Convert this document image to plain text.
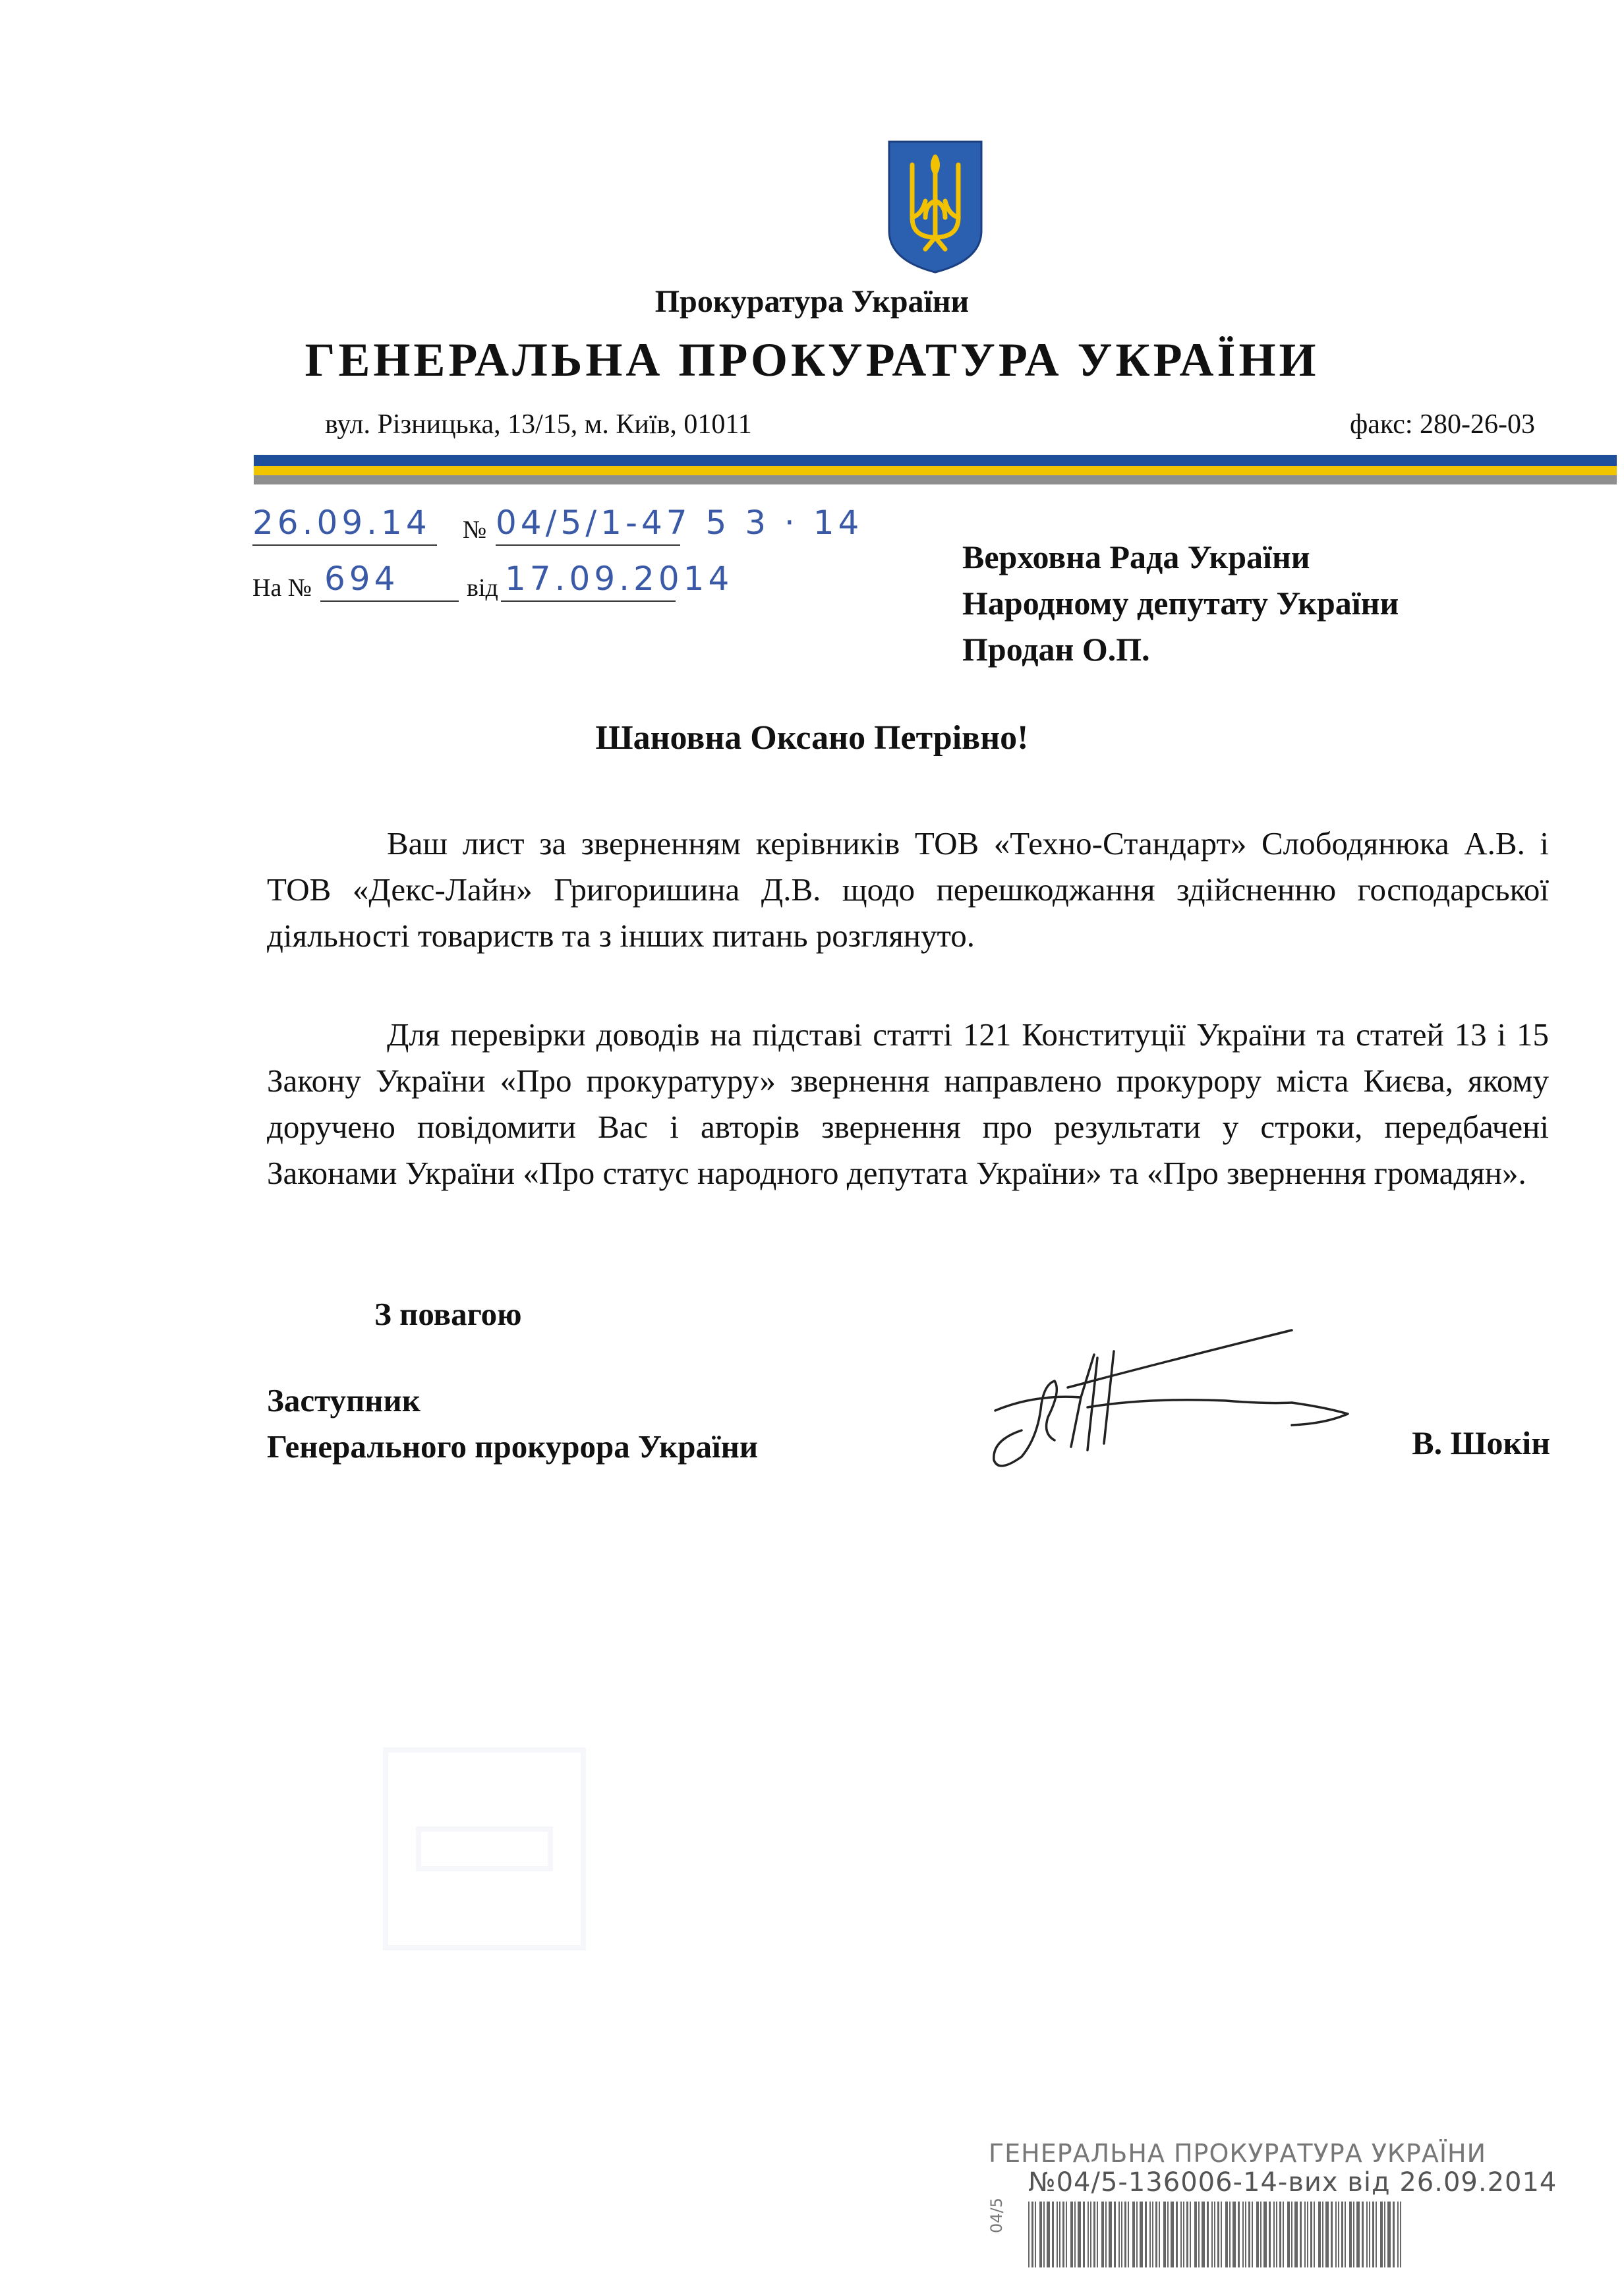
Прокуратура України
ГЕНЕРАЛЬНА ПРОКУРАТУРА УКРАЇНИ
вул. Різницька, 13/15, м. Київ, 01011	факс: 280-26-03
26.09.14 № 04/5/1-47 5 3 · 14
На № 694	від 17.09.2014
Верховна Рада України
Народному депутату України
Продан О.П.
Шановна Оксано Петрівно!

Ваш лист за зверненням керівників ТОВ «Техно-Стандарт» Слободянюка А.В. і ТОВ «Декс-Лайн» Григоришина Д.В. щодо перешкоджання здійсненню господарської діяльності товариств та з інших питань розглянуто.

Для перевірки доводів на підставі статті 121 Конституції України та статей 13 і 15 Закону України «Про прокуратуру» звернення направлено прокурору міста Києва, якому доручено повідомити Вас і авторів звернення про результати у строки, передбачені Законами України «Про статус народного депутата України» та «Про звернення громадян».

З повагою
Заступник
Генерального прокурора України	В. Шокін
ГЕНЕРАЛЬНА ПРОКУРАТУРА УКРАЇНИ
№04/5-136006-14-вих від 26.09.2014
04/5
